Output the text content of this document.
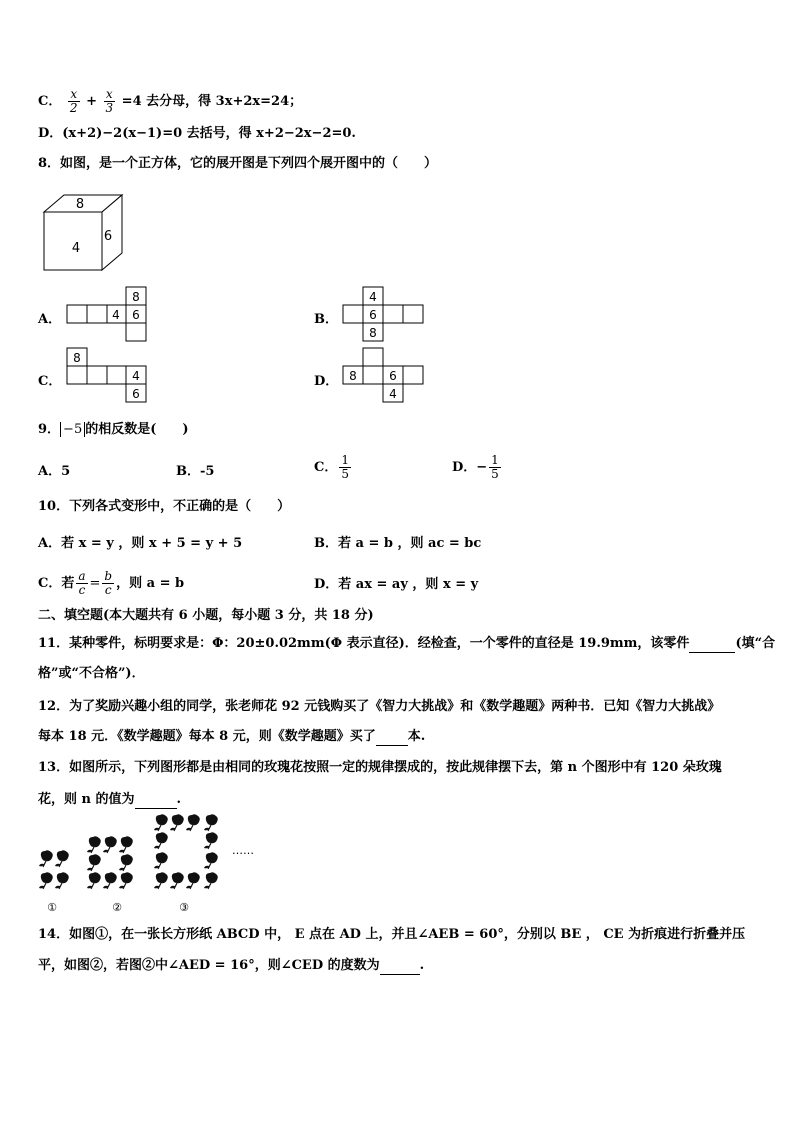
C． $\frac{x}{2} + \frac{x}{3} =4$ 去分母，得 3x+2x=24；
D．(x+2)−2(x−1)=0 去括号，得 x+2−2x−2=0.
8．如图，是一个正方体，它的展开图是下列四个展开图中的（　　）
8
4
6
A．
8
4 6	B．
4
6
8
C．
8
4
6
D． 8	6
4
9． −5 的相反数是(　　)
A．5	B．-5	C． $\frac{1}{5}$	D．− $\frac{1}{5}$
10．下列各式变形中，不正确的是（　　）
A．若 x = y ，则 x + 5 = y + 5	B．若 a = b ，则 ac = bc
C．若 $\frac{a}{c} = \frac{b}{c}$ ，则 a = b	D．若 ax = ay ，则 x = y
二、填空题(本大题共有 6 小题，每小题 3 分，共 18 分)
11．某种零件，标明要求是：Φ：20±0.02mm(Φ 表示直径)．经检查，一个零件的直径是 19.9mm，该零件	(填“合
格”或“不合格”)．
12．为了奖励兴趣小组的同学，张老师花 92 元钱购买了《智力大挑战》和《数学趣题》两种书．已知《智力大挑战》
每本 18 元．《数学趣题》每本 8 元，则《数学趣题》买了 本.
13．如图所示，下列图形都是由相同的玫瑰花按照一定的规律摆成的，按此规律摆下去，第 n 个图形中有 120 朵玫瑰
花，则 n 的值为	.
……
①	②	③
14．如图①，在一张长方形纸 ABCD 中， E 点在 AD 上，并且∠AEB = 60°，分别以 BE ， CE 为折痕进行折叠并压
平，如图②，若图②中∠AED = 16°，则∠CED 的度数为	.
